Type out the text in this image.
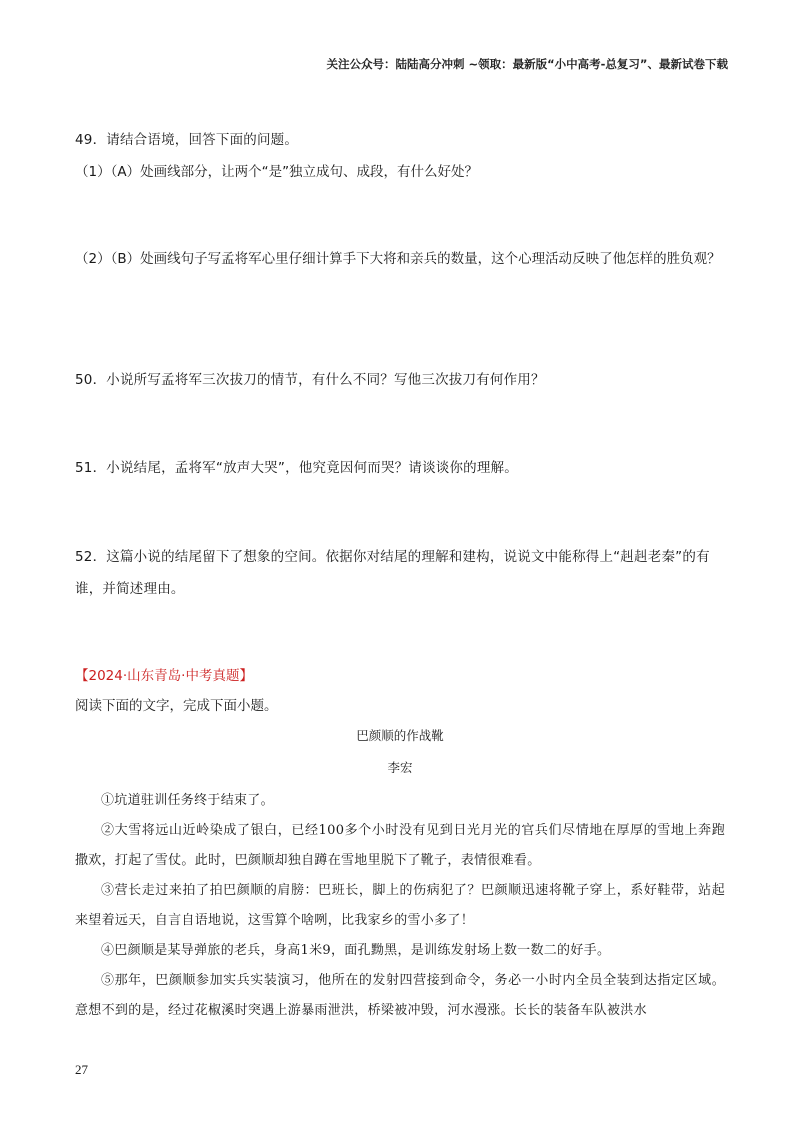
关注公众号：陆陆高分冲刺 ~领取：最新版“小中高考-总复习”、最新试卷下载
49．请结合语境，回答下面的问题。
（1）（A）处画线部分，让两个“是”独立成句、成段，有什么好处？
（2）（B）处画线句子写孟将军心里仔细计算手下大将和亲兵的数量，这个心理活动反映了他怎样的胜负观？
50．小说所写孟将军三次拔刀的情节，有什么不同？写他三次拔刀有何作用？
51．小说结尾，孟将军“放声大哭”，他究竟因何而哭？请谈谈你的理解。
52．这篇小说的结尾留下了想象的空间。依据你对结尾的理解和建构，说说文中能称得上“赳赳老秦”的有谁，并简述理由。
【2024·山东青岛·中考真题】
阅读下面的文字，完成下面小题。
巴颜顺的作战靴
李宏
①坑道驻训任务终于结束了。
②大雪将远山近岭染成了银白，已经100多个小时没有见到日光月光的官兵们尽情地在厚厚的雪地上奔跑撒欢，打起了雪仗。此时，巴颜顺却独自蹲在雪地里脱下了靴子，表情很难看。
③营长走过来拍了拍巴颜顺的肩膀：巴班长，脚上的伤病犯了？巴颜顺迅速将靴子穿上，系好鞋带，站起来望着远天，自言自语地说，这雪算个啥咧，比我家乡的雪小多了！
④巴颜顺是某导弹旅的老兵，身高1米9，面孔黝黑，是训练发射场上数一数二的好手。
⑤那年，巴颜顺参加实兵实装演习，他所在的发射四营接到命令，务必一小时内全员全装到达指定区域。意想不到的是，经过花椒溪时突遇上游暴雨泄洪，桥梁被冲毁，河水漫涨。长长的装备车队被洪水
27
